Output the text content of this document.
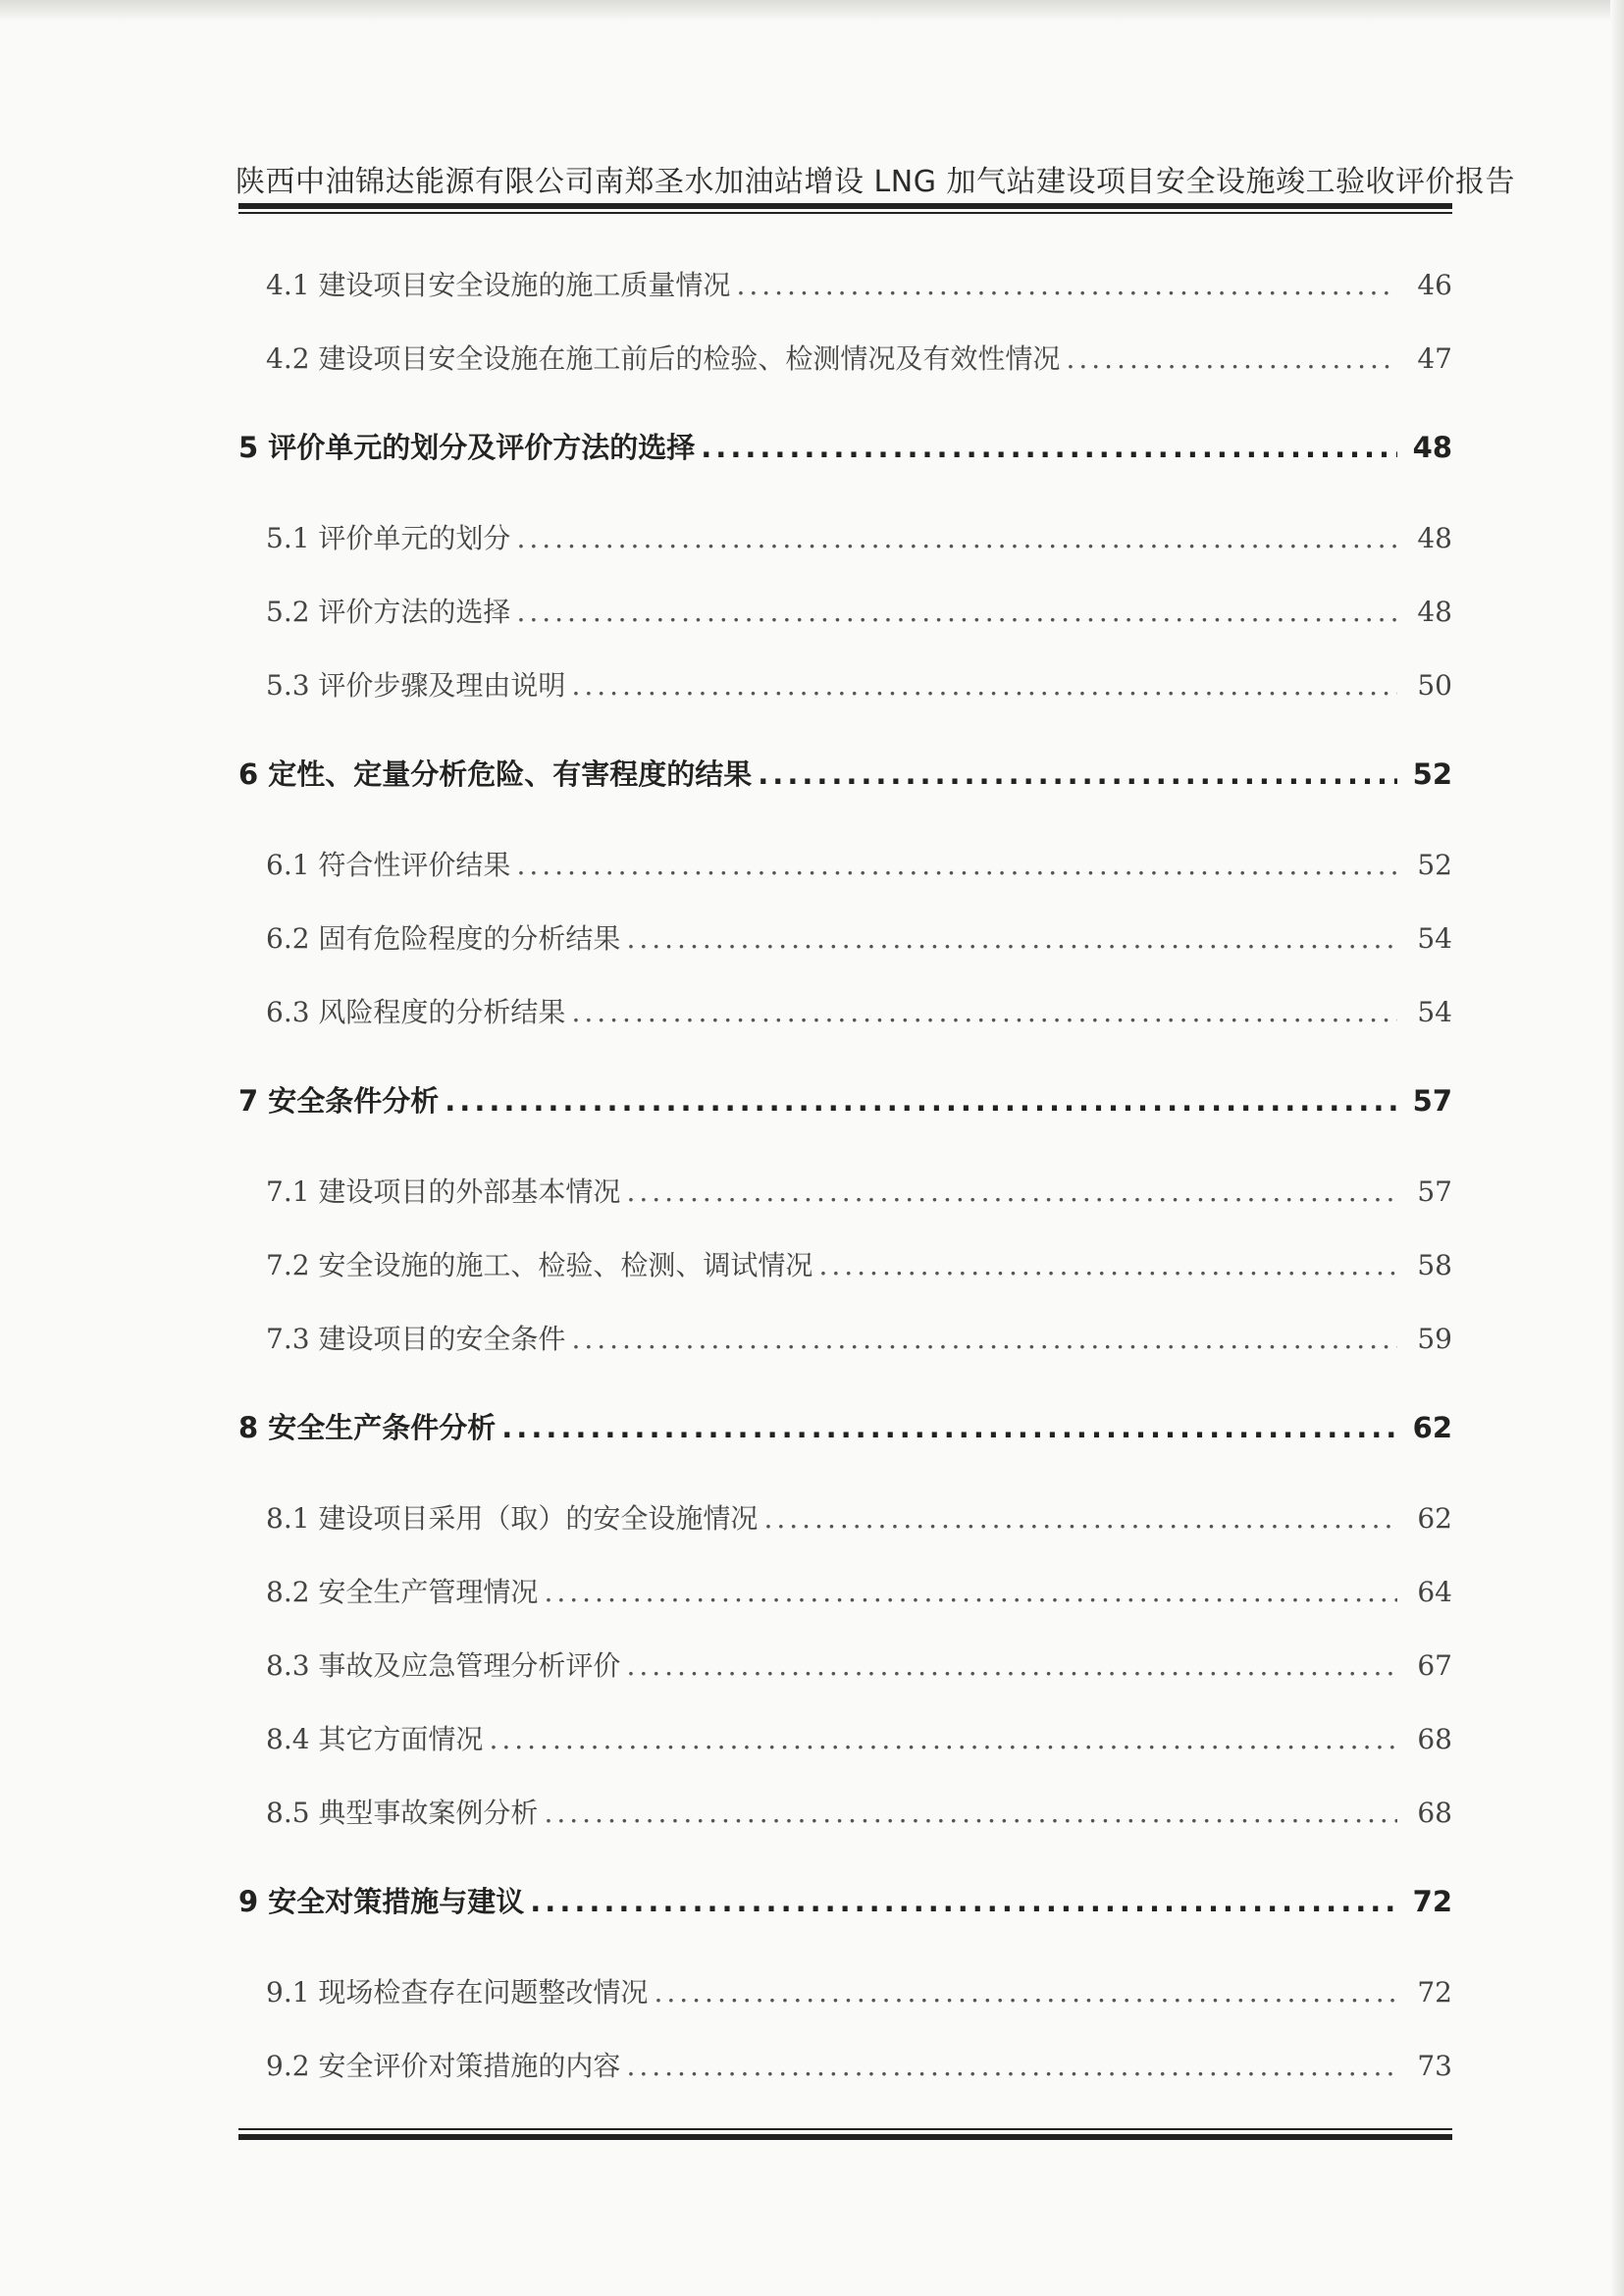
陕西中油锦达能源有限公司南郑圣水加油站增设 LNG 加气站建设项目安全设施竣工验收评价报告
4.1 建设项目安全设施的施工质量情况 .....	46
4.2 建设项目安全设施在施工前后的检验、检测情况及有效性情况 .....	47
5 评价单元的划分及评价方法的选择 .....	48
5.1 评价单元的划分 .....	48
5.2 评价方法的选择 .....	48
5.3 评价步骤及理由说明 .....	50
6 定性、定量分析危险、有害程度的结果 .....	52
6.1 符合性评价结果 .....	52
6.2 固有危险程度的分析结果 .....	54
6.3 风险程度的分析结果 .....	54
7 安全条件分析 .....	57
7.1 建设项目的外部基本情况 .....	57
7.2 安全设施的施工、检验、检测、调试情况 .....	58
7.3 建设项目的安全条件 .....	59
8 安全生产条件分析 .....	62
8.1 建设项目采用（取）的安全设施情况 .....	62
8.2 安全生产管理情况 .....	64
8.3 事故及应急管理分析评价 .....	67
8.4 其它方面情况 .....	68
8.5 典型事故案例分析 .....	68
9 安全对策措施与建议 .....	72
9.1 现场检查存在问题整改情况 .....	72
9.2 安全评价对策措施的内容 .....	73
